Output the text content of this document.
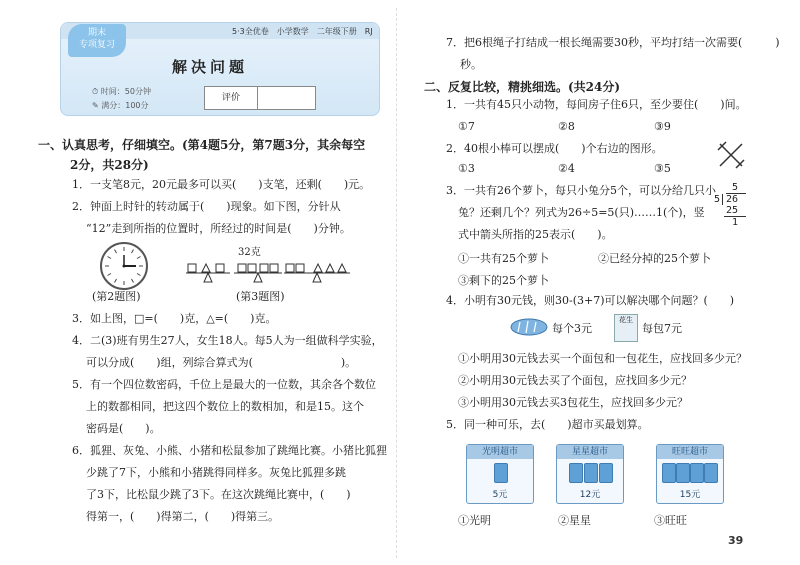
期末
专项复习
5·3全优卷　小学数学　二年级下册　RJ
解决问题
⏱ 时间：50分钟
✎ 满分：100分
评价
一、认真思考，仔细填空。(第4题5分，第7题3分，其余每空
2分，共28分)
1．一支笔8元，20元最多可以买(　　)支笔，还剩(　　)元。
2．钟面上时针的转动属于(　　)现象。如下图，分针从
“12”走到所指的位置时，所经过的时间是(　　)分钟。
(第2题图)
32克
(第3题图)
3．如上图，□=(　　)克，△=(　　)克。
4．二(3)班有男生27人，女生18人。每5人为一组做科学实验，
可以分成(　　)组，列综合算式为(　　　　　　　　)。
5．有一个四位数密码，千位上是最大的一位数，其余各个数位
上的数都相同，把这四个数位上的数相加，和是15。这个
密码是(　　)。
6．狐狸、灰兔、小熊、小猪和松鼠参加了跳绳比赛。小猪比狐狸
少跳了7下，小熊和小猪跳得同样多。灰兔比狐狸多跳
了3下，比松鼠少跳了3下。在这次跳绳比赛中，(　　)
得第一，(　　)得第二，(　　)得第三。
7．把6根绳子打结成一根长绳需要30秒，平均打结一次需要(　　　)
秒。
二、反复比较，精挑细选。(共24分)
1．一共有45只小动物，每间房子住6只，至少要住(　　)间。
①7	②8	③9
2．40根小棒可以摆成(　　)个右边的图形。
①3	②4	③5
3．一共有26个萝卜，每只小兔分5个，可以分给几只小
兔？还剩几个？列式为26÷5=5(只)……1(个)，竖
式中箭头所指的25表示(　　)。
5
5 26
25
1
①一共有25个萝卜	②已经分掉的25个萝卜
③剩下的25个萝卜
4．小明有30元钱，则30-(3+7)可以解决哪个问题？(　　)
每个3元
花生
每包7元
①小明用30元钱去买一个面包和一包花生，应找回多少元？
②小明用30元钱去买了个面包，应找回多少元？
③小明用30元钱去买3包花生，应找回多少元？
5．同一种可乐，去(　　)超市买最划算。
光明超市
5元
星星超市
12元
旺旺超市
15元
①光明	②星星	③旺旺
39
